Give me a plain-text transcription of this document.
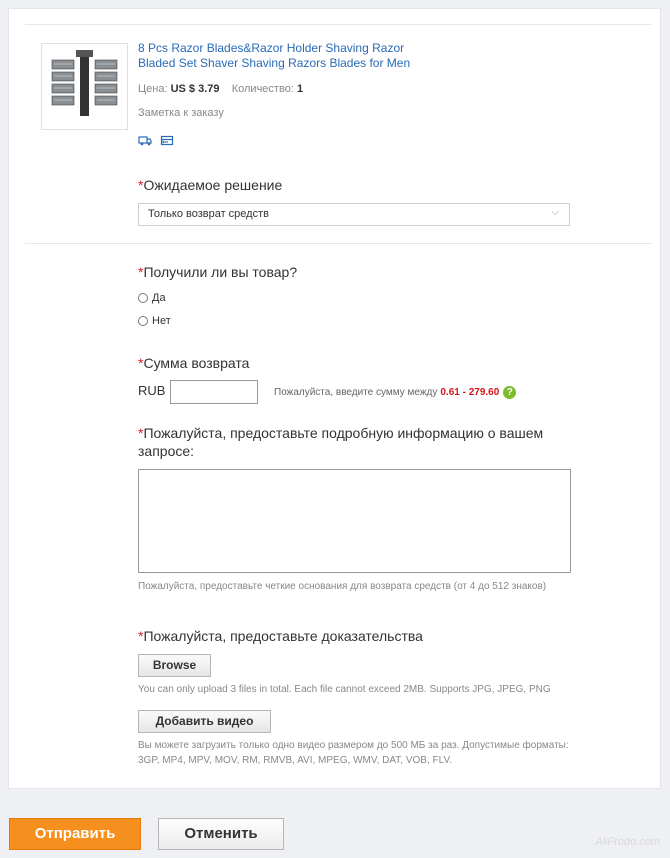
8 Pcs Razor Blades&Razor Holder Shaving Razor Bladed Set Shaver Shaving Razors Blades for Men
Цена: US $ 3.79 Количество: 1
Заметка к заказу
*Ожидаемое решение
Только возврат средств	⌵
*Получили ли вы товар?
Да
Нет
*Сумма возврата
RUB	Пожалуйста, введите сумму между 0.61 - 279.60 ?
*Пожалуйста, предоставьте подробную информацию о вашем запросе:
Пожалуйста, предоставьте четкие основания для возврата средств (от 4 до 512 знаков)
*Пожалуйста, предоставьте доказательства
Browse
You can only upload 3 files in total. Each file cannot exceed 2MB. Supports JPG, JPEG, PNG
Добавить видео
Вы можете загрузить только одно видео размером до 500 МБ за раз. Допустимые форматы: 3GP, MP4, MPV, MOV, RM, RMVB, AVI, MPEG, WMV, DAT, VOB, FLV.
Отправить	Отменить	AliFrodo.com
